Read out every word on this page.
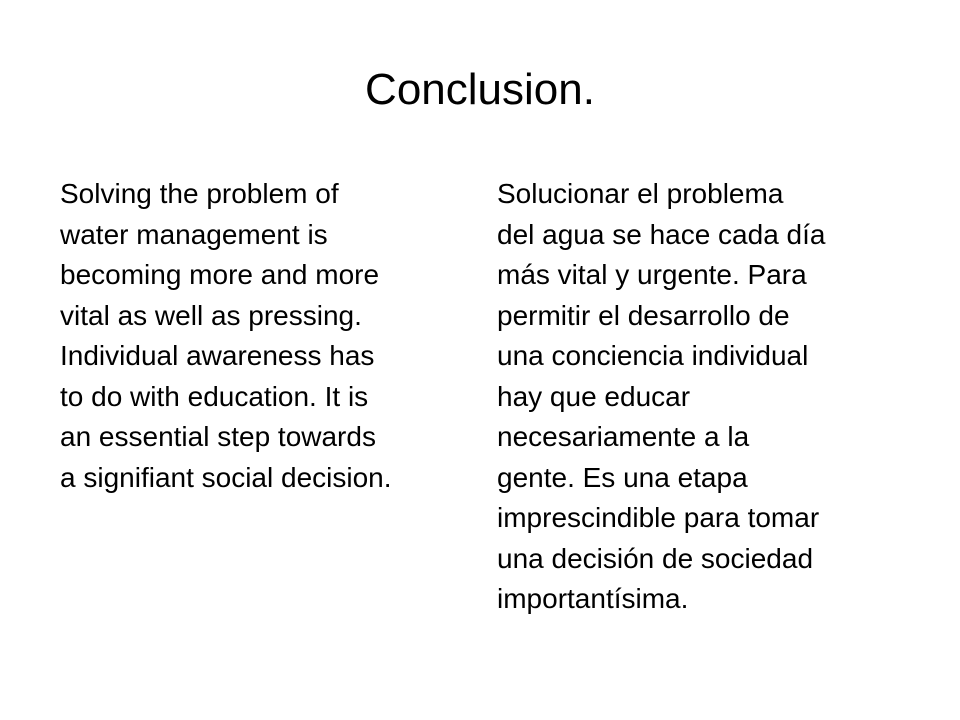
Conclusion.
Solving the problem of
water management is
becoming more and more
vital as well as pressing.
Individual awareness has
to do with education. It is
an essential step towards
a signifiant social decision.
Solucionar el problema
del agua se hace cada día
más vital y urgente. Para
permitir el desarrollo de
una conciencia individual
hay que educar
necesariamente a la
gente. Es una etapa
imprescindible para tomar
una decisión de sociedad
importantísima.
